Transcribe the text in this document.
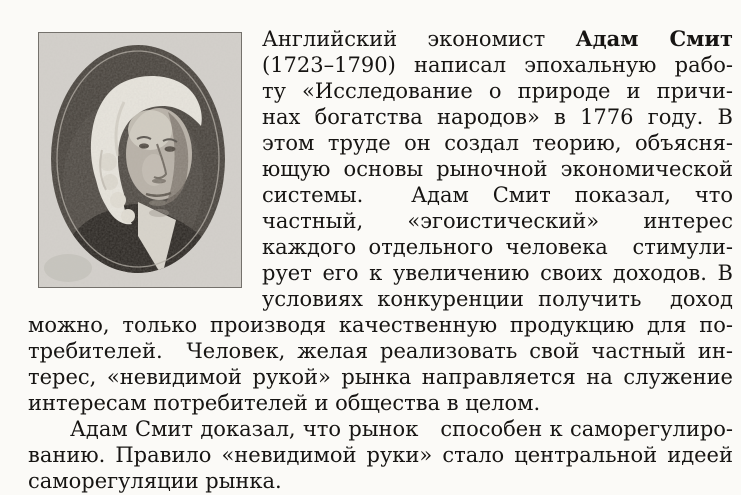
Английский экономист Адам Смит
(1723–1790) написал эпохальную рабо-
ту «Исследование о природе и причи-
нах богатства народов» в 1776 году. В
этом труде он создал теорию, объясня-
ющую основы рыночной экономической
системы.  Адам Смит показал, что
частный, «эгоистический» интерес
каждого отдельного человека  стимули-
рует его к увеличению своих доходов. В
условиях конкуренции получить  доход
можно, только производя качественную продукцию для по-
требителей.  Человек, желая реализовать свой частный ин-
терес, «невидимой рукой» рынка направляется на служение
интересам потребителей и общества в целом.
Адам Смит доказал, что рынок   способен к саморегулиро-
ванию. Правило «невидимой руки» стало центральной идеей
саморегуляции рынка.
